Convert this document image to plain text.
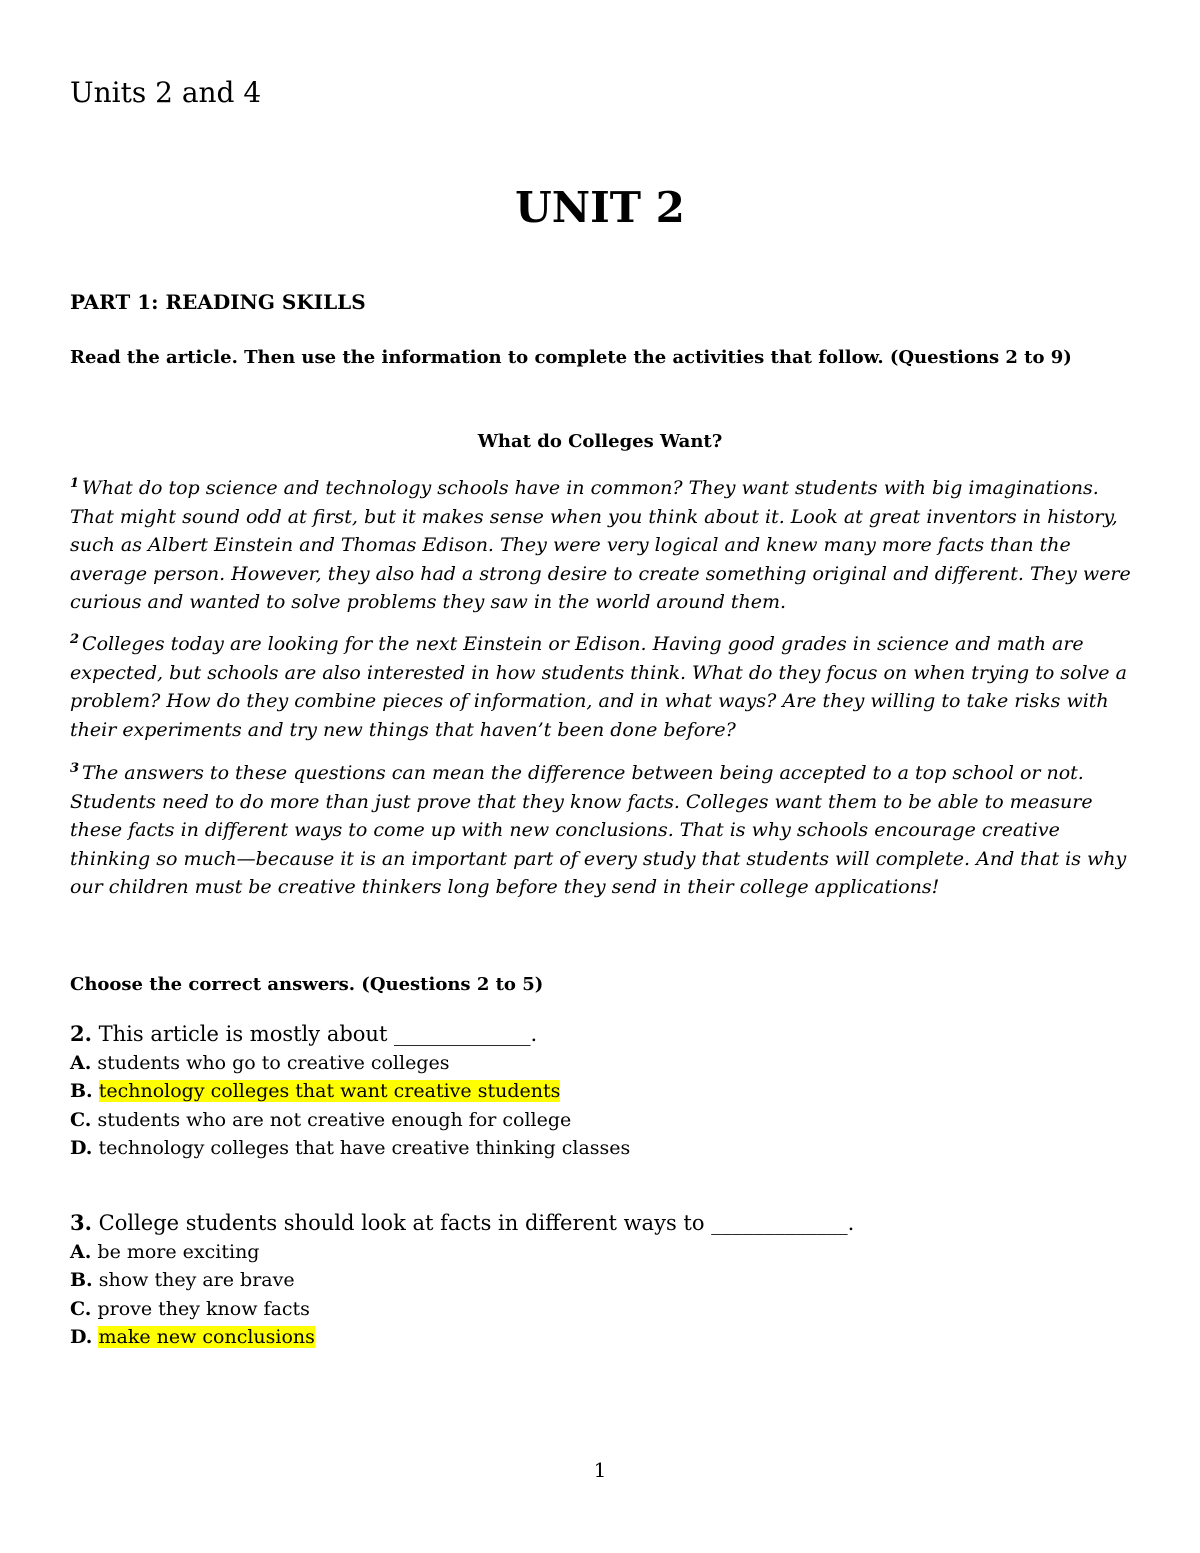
Units 2 and 4

UNIT 2
PART 1: READING SKILLS

Read the article. Then use the information to complete the activities that follow. (Questions 2 to 9)

What do Colleges Want?

$^1$ What do top science and technology schools have in common? They want students with big imaginations. That might sound odd at first, but it makes sense when you think about it. Look at great inventors in history, such as Albert Einstein and Thomas Edison. They were very logical and knew many more facts than the average person. However, they also had a strong desire to create something original and different. They were curious and wanted to solve problems they saw in the world around them.

$^2$ Colleges today are looking for the next Einstein or Edison. Having good grades in science and math are expected, but schools are also interested in how students think. What do they focus on when trying to solve a problem? How do they combine pieces of information, and in what ways? Are they willing to take risks with their experiments and try new things that haven’t been done before?

$^3$ The answers to these questions can mean the difference between being accepted to a top school or not. Students need to do more than just prove that they know facts. Colleges want them to be able to measure these facts in different ways to come up with new conclusions. That is why schools encourage creative thinking so much—because it is an important part of every study that students will complete. And that is why our children must be creative thinkers long before they send in their college applications!

Choose the correct answers. (Questions 2 to 5)

2. This article is mostly about _____________.
A. students who go to creative colleges
B. technology colleges that want creative students
C. students who are not creative enough for college
D. technology colleges that have creative thinking classes
3. College students should look at facts in different ways to _____________.
A. be more exciting
B. show they are brave
C. prove they know facts
D. make new conclusions

1
